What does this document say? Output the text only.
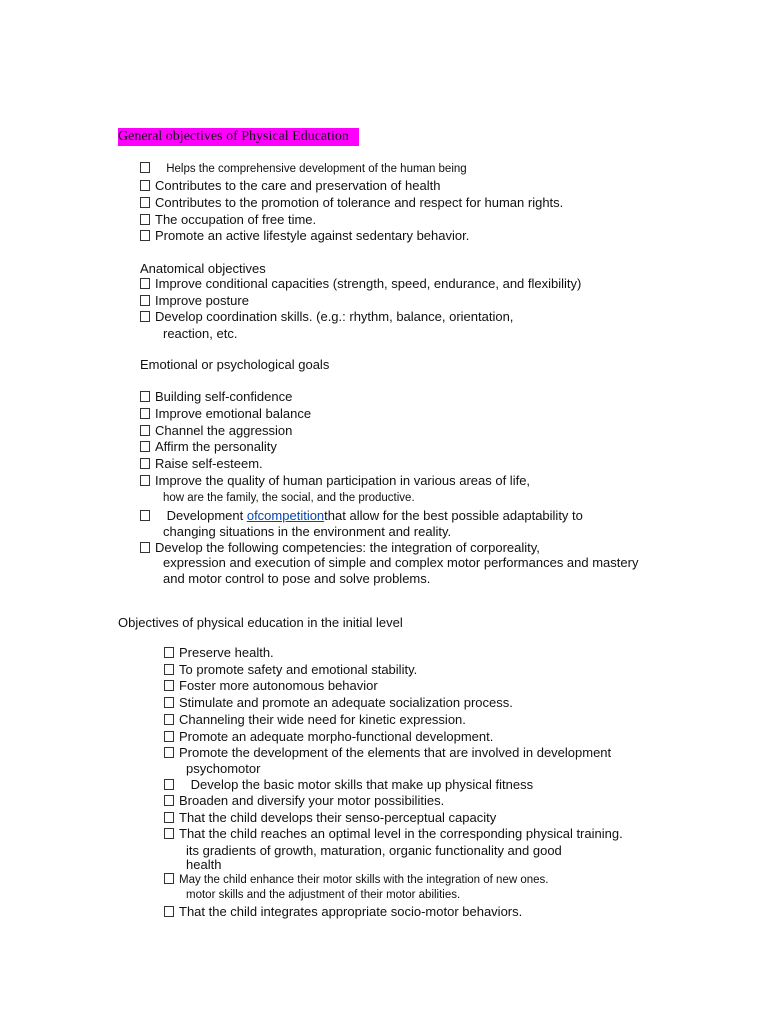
General objectives of Physical Education
Helps the comprehensive development of the human being
Contributes to the care and preservation of health
Contributes to the promotion of tolerance and respect for human rights.
The occupation of free time.
Promote an active lifestyle against sedentary behavior.
Anatomical objectives
Improve conditional capacities (strength, speed, endurance, and flexibility)
Improve posture
Develop coordination skills. (e.g.: rhythm, balance, orientation,
reaction, etc.
Emotional or psychological goals
Building self-confidence
Improve emotional balance
Channel the aggression
Affirm the personality
Raise self-esteem.
Improve the quality of human participation in various areas of life,
how are the family, the social, and the productive.
Development ofcompetitionthat allow for the best possible adaptability to
changing situations in the environment and reality.
Develop the following competencies: the integration of corporeality,
expression and execution of simple and complex motor performances and mastery
and motor control to pose and solve problems.
Objectives of physical education in the initial level
Preserve health.
To promote safety and emotional stability.
Foster more autonomous behavior
Stimulate and promote an adequate socialization process.
Channeling their wide need for kinetic expression.
Promote an adequate morpho-functional development.
Promote the development of the elements that are involved in development
psychomotor
Develop the basic motor skills that make up physical fitness
Broaden and diversify your motor possibilities.
That the child develops their senso-perceptual capacity
That the child reaches an optimal level in the corresponding physical training.
its gradients of growth, maturation, organic functionality and good
health
May the child enhance their motor skills with the integration of new ones.
motor skills and the adjustment of their motor abilities.
That the child integrates appropriate socio-motor behaviors.
